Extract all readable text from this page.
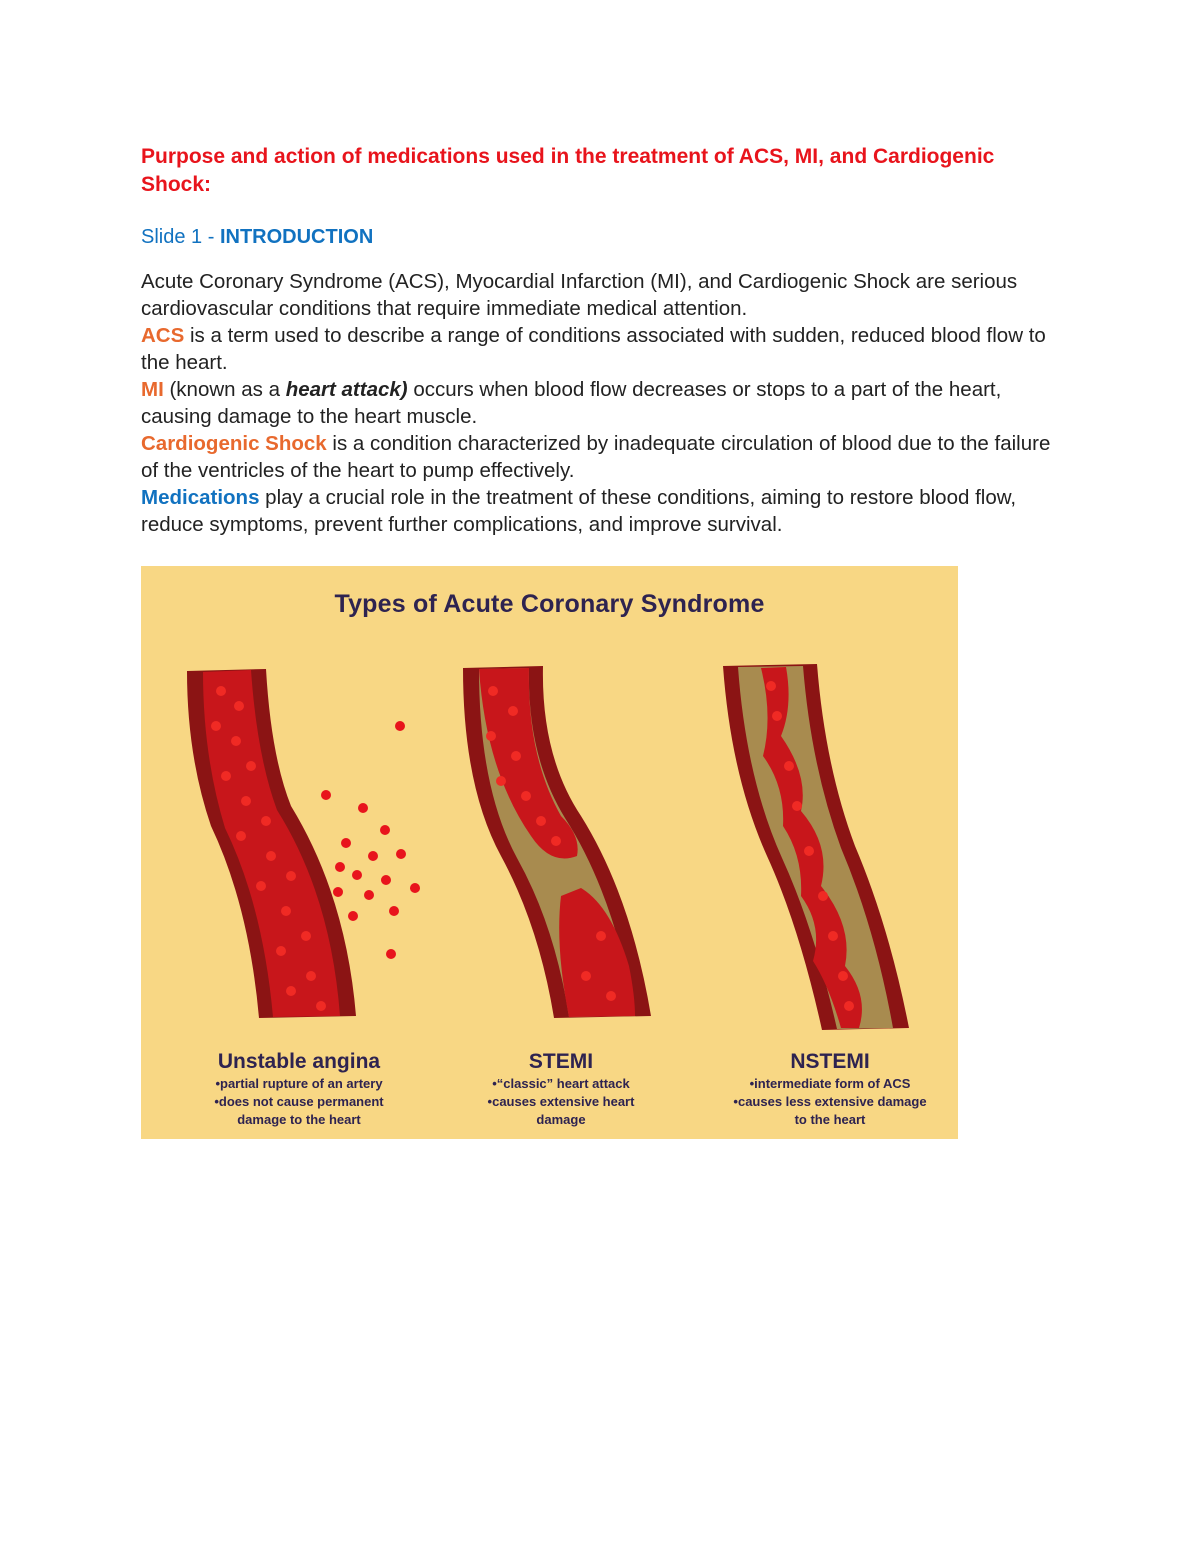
Purpose and action of medications used in the treatment of ACS, MI, and Cardiogenic Shock:
Slide 1 - INTRODUCTION

Acute Coronary Syndrome (ACS), Myocardial Infarction (MI), and Cardiogenic Shock are serious cardiovascular conditions that require immediate medical attention.

ACS is a term used to describe a range of conditions associated with sudden, reduced blood flow to the heart.

MI (known as a heart attack) occurs when blood flow decreases or stops to a part of the heart, causing damage to the heart muscle.

Cardiogenic Shock is a condition characterized by inadequate circulation of blood due to the failure of the ventricles of the heart to pump effectively.

Medications play a crucial role in the treatment of these conditions, aiming to restore blood flow, reduce symptoms, prevent further complications, and improve survival.

Types of Acute Coronary Syndrome
Unstable angina
•partial rupture of an artery
•does not cause permanent
damage to the heart
STEMI
•“classic” heart attack
•causes extensive heart
damage
NSTEMI
•intermediate form of ACS
•causes less extensive damage
to the heart
